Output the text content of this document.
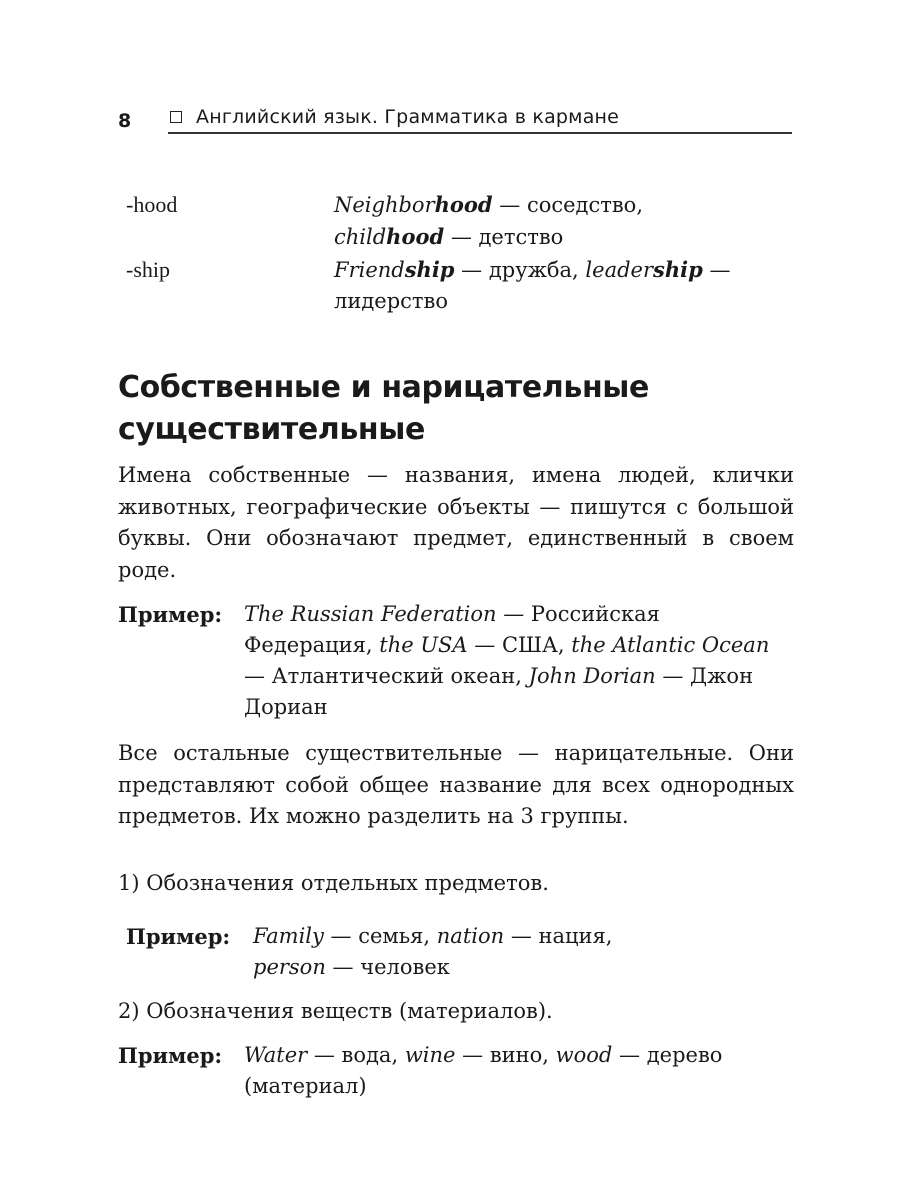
8	Английский язык. Грамматика в кармане
-hood	Neighborhood — соседство,
childhood — детство
-ship	Friendship — дружба, leadership —
лидерство
Собственные и нарицательные
существительные

Имена собственные — названия, имена людей, клички животных, географические объекты — пишутся с большой буквы. Они обозначают предмет, единственный в своем роде.

Пример:	The Russian Federation — Российская Федерация, the USA — США, the Atlantic Ocean — Атлантический океан, John Dorian — Джон Дориан

Все остальные существительные — нарицательные. Они представляют собой общее название для всех однородных предметов. Их можно разделить на 3 группы.

1) Обозначения отдельных предметов.

Пример:	Family — семья, nation — нация,
person — человек

2) Обозначения веществ (материалов).

Пример:	Water — вода, wine — вино, wood — дерево (материал)
